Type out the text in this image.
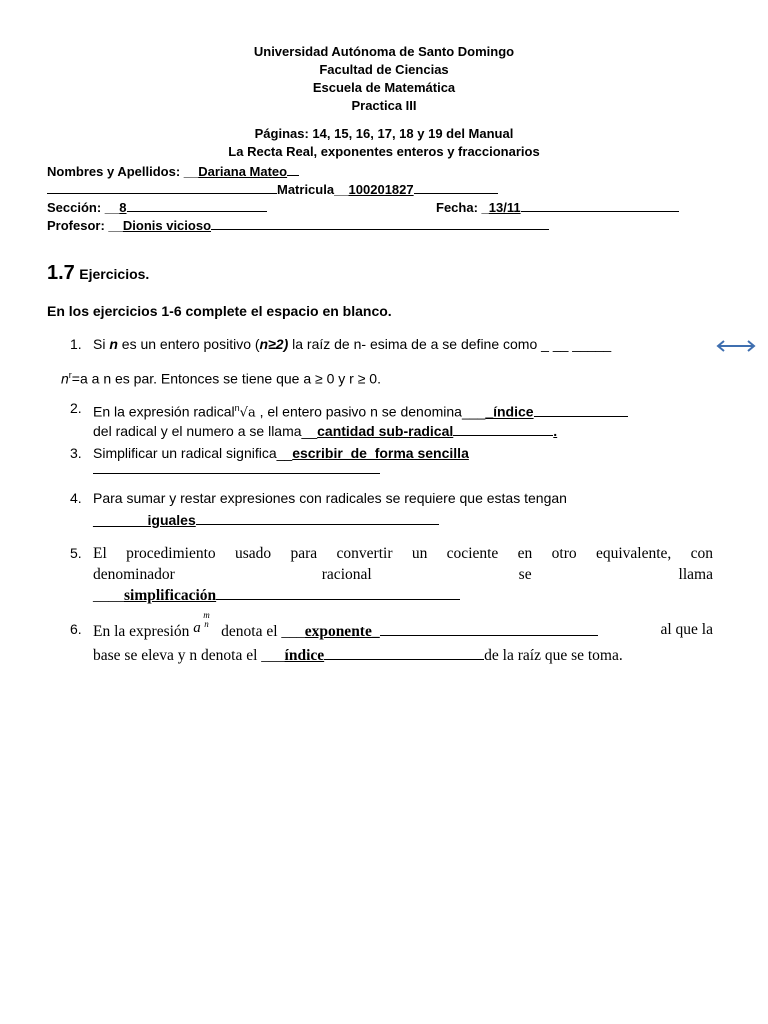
Universidad Autónoma de Santo Domingo
Facultad de Ciencias
Escuela de Matemática
Practica III
Páginas: 14, 15, 16, 17, 18 y 19 del Manual
La Recta Real, exponentes enteros y fraccionarios
Nombres y Apellidos: __Dariana Mateo
Matricula__100201827
Sección: __8	Fecha: _13/11
Profesor: __Dionis vicioso
1.7 Ejercicios.
En los ejercicios 1-6 complete el espacio en blanco.
1. Si n es un entero positivo (n≥2) la raíz de n- esima de a se define como _ __ _____
$n^r=a$ a n es par. Entonces se tiene que a ≥ 0 y r ≥ 0.
2. En la expresión radical$^n$√a , el entero pasivo n se denomina____índice
del radical y el numero a se llama__cantidad sub-radical	.
3. Simplificar un radical significa__escribir_de_forma sencilla
4. Para sumar y restar expresiones con radicales se requiere que estas tengan
_______iguales
5. El procedimiento usado para convertir un cociente en otro equivalente, con
denominador racional se llama
____simplificación
6. En la expresión a
m
n denota el ___exponente_	al que la
base se eleva y n denota el ___índice	de la raíz que se toma.
